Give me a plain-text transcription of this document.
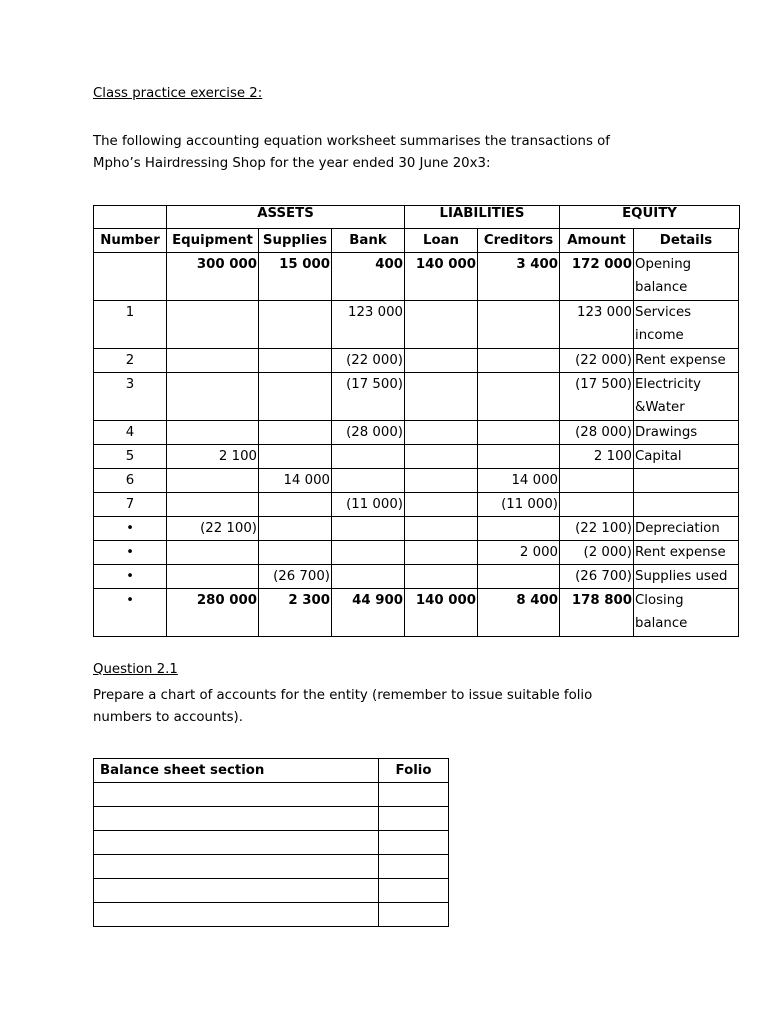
Class practice exercise 2:
The following accounting equation worksheet summarises the transactions of
Mpho’s Hairdressing Shop for the year ended 30 June 20x3:
	ASSETS	LIABILITIES	EQUITY
Number	Equipment	Supplies	Bank	Loan	Creditors	Amount	Details
	300 000	15 000	400	140 000	3 400	172 000	Opening
balance

1			123 000			123 000	Services
income

2			(22 000)			(22 000)	Rent expense

3			(17 500)			(17 500)	Electricity
&Water

4			(28 000)			(28 000)	Drawings

5	2 100					2 100	Capital

6		14 000			14 000		

7			(11 000)		(11 000)		

•	(22 100)					(22 100)	Depreciation

•					2 000	(2 000)	Rent expense

•		(26 700)				(26 700)	Supplies used

•	280 000	2 300	44 900	140 000	8 400	178 800	Closing
balance
Question 2.1
Prepare a chart of accounts for the entity (remember to issue suitable folio
numbers to accounts).
Balance sheet section	Folio
